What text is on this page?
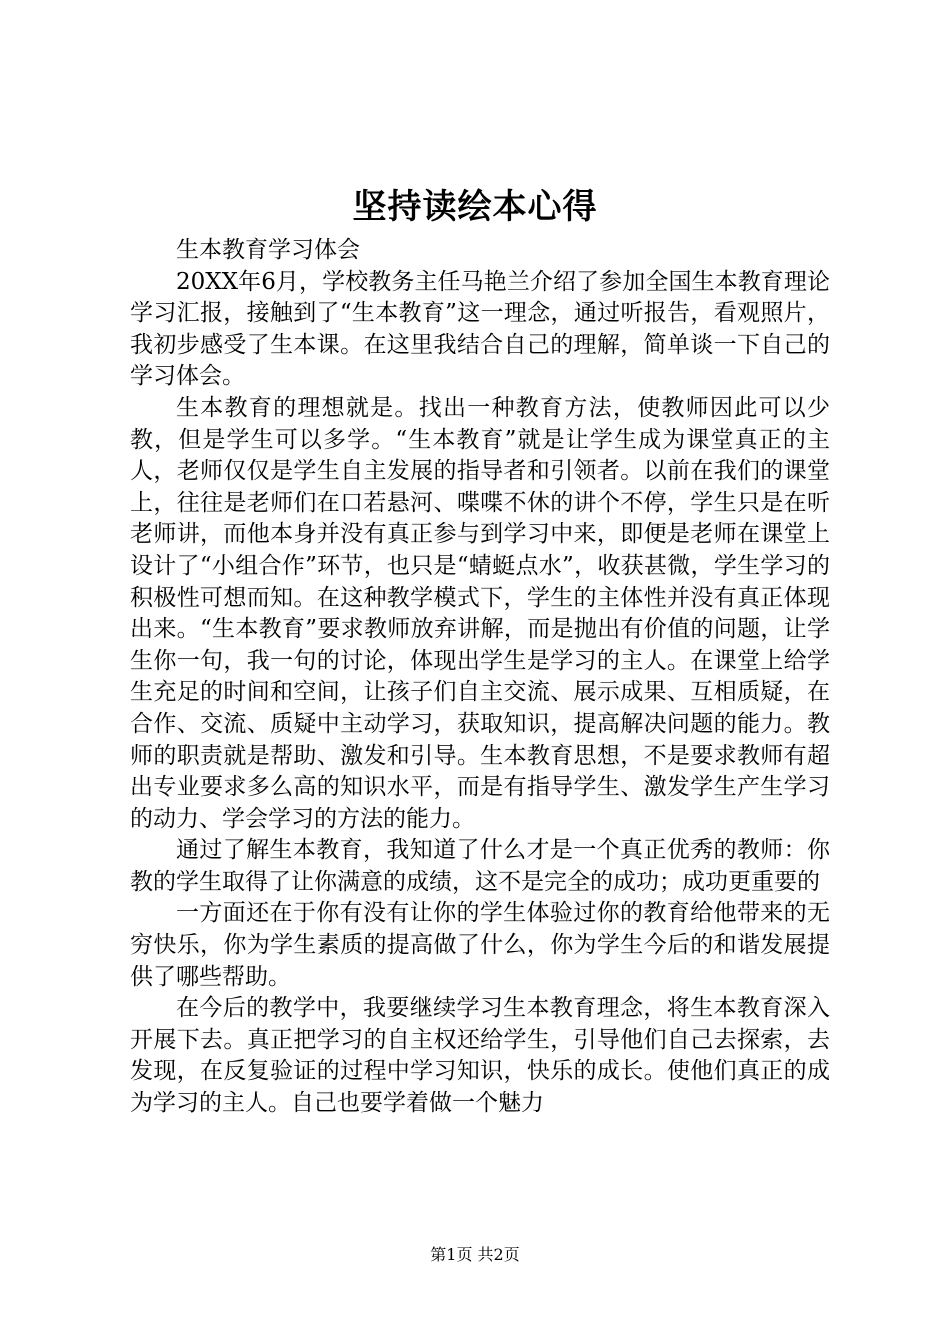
坚持读绘本心得

生本教育学习体会

20XX年6月，学校教务主任马艳兰介绍了参加全国生本教育理论学习汇报，接触到了“生本教育”这一理念，通过听报告，看观照片，我初步感受了生本课。在这里我结合自己的理解，简单谈一下自己的学习体会。

生本教育的理想就是。找出一种教育方法，使教师因此可以少教，但是学生可以多学。“生本教育”就是让学生成为课堂真正的主人，老师仅仅是学生自主发展的指导者和引领者。以前在我们的课堂上，往往是老师们在口若悬河、喋喋不休的讲个不停，学生只是在听老师讲，而他本身并没有真正参与到学习中来，即便是老师在课堂上设计了“小组合作”环节，也只是“蜻蜓点水”，收获甚微，学生学习的积极性可想而知。在这种教学模式下，学生的主体性并没有真正体现出来。“生本教育”要求教师放弃讲解，而是抛出有价值的问题，让学生你一句，我一句的讨论，体现出学生是学习的主人。在课堂上给学生充足的时间和空间，让孩子们自主交流、展示成果、互相质疑，在合作、交流、质疑中主动学习，获取知识，提高解决问题的能力。教师的职责就是帮助、激发和引导。生本教育思想，不是要求教师有超出专业要求多么高的知识水平，而是有指导学生、激发学生产生学习的动力、学会学习的方法的能力。

通过了解生本教育，我知道了什么才是一个真正优秀的教师：你教的学生取得了让你满意的成绩，这不是完全的成功；成功更重要的

一方面还在于你有没有让你的学生体验过你的教育给他带来的无穷快乐，你为学生素质的提高做了什么，你为学生今后的和谐发展提供了哪些帮助。

在今后的教学中，我要继续学习生本教育理念，将生本教育深入开展下去。真正把学习的自主权还给学生，引导他们自己去探索，去发现，在反复验证的过程中学习知识，快乐的成长。使他们真正的成为学习的主人。自己也要学着做一个魅力

第1页 共2页
